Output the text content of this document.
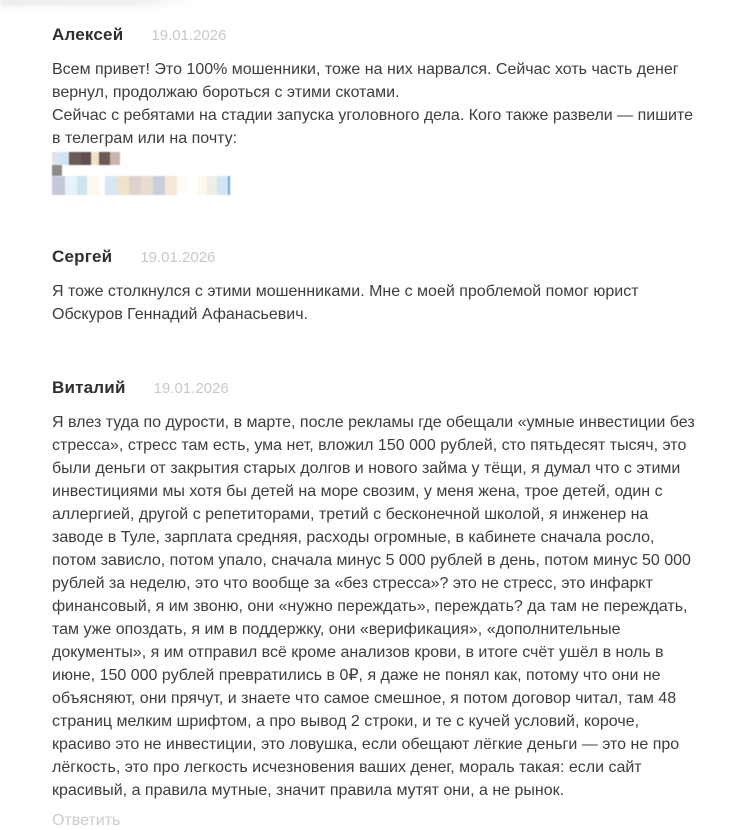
Алексей 19.01.2026
Всем привет! Это 100% мошенники, тоже на них нарвался. Сейчас хоть часть денег вернул, продолжаю бороться с этими скотами.
Сейчас с ребятами на стадии запуска уголовного дела. Кого также развели — пишите в телеграм или на почту:
Сергей 19.01.2026
Я тоже столкнулся с этими мошенниками. Мне с моей проблемой помог юрист Обскуров Геннадий Афанасьевич.
Виталий 19.01.2026
Я влез туда по дурости, в марте, после рекламы где обещали «умные инвестиции без стресса», стресс там есть, ума нет, вложил 150 000 рублей, сто пятьдесят тысяч, это были деньги от закрытия старых долгов и нового займа у тёщи, я думал что с этими инвестициями мы хотя бы детей на море свозим, у меня жена, трое детей, один с аллергией, другой с репетиторами, третий с бесконечной школой, я инженер на заводе в Туле, зарплата средняя, расходы огромные, в кабинете сначала росло, потом зависло, потом упало, сначала минус 5 000 рублей в день, потом минус 50 000 рублей за неделю, это что вообще за «без стресса»? это не стресс, это инфаркт финансовый, я им звоню, они «нужно переждать», переждать? да там не переждать, там уже опоздать, я им в поддержку, они «верификация», «дополнительные документы», я им отправил всё кроме анализов крови, в итоге счёт ушёл в ноль в июне, 150 000 рублей превратились в 0₽, я даже не понял как, потому что они не объясняют, они прячут, и знаете что самое смешное, я потом договор читал, там 48 страниц мелким шрифтом, а про вывод 2 строки, и те с кучей условий, короче, красиво это не инвестиции, это ловушка, если обещают лёгкие деньги — это не про лёгкость, это про легкость исчезновения ваших денег, мораль такая: если сайт красивый, а правила мутные, значит правила мутят они, а не рынок.
Ответить
